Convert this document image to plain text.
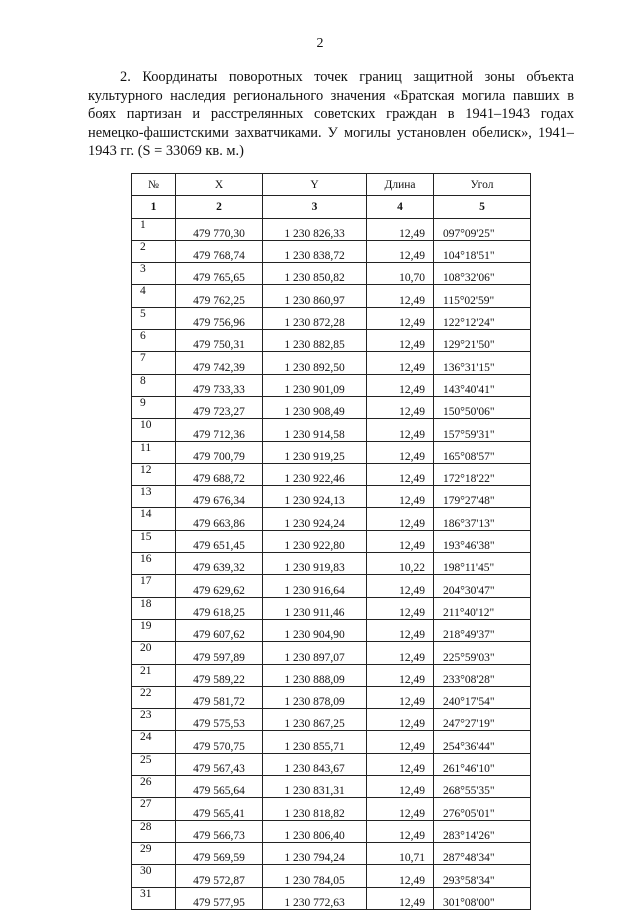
2

2. Координаты поворотных точек границ защитной зоны объекта культурного наследия регионального значения «Братская могила павших в боях партизан и расстрелянных советских граждан в 1941–1943 годах немецко-фашистскими захватчиками. У могилы установлен обелиск», 1941–1943 гг. (S = 33069 кв. м.)

№	X	Y	Длина	Угол
1	2	3	4	5
1	479 770,30	1 230 826,33	12,49	097°09'25"
2	479 768,74	1 230 838,72	12,49	104°18'51"
3	479 765,65	1 230 850,82	10,70	108°32'06"
4	479 762,25	1 230 860,97	12,49	115°02'59"
5	479 756,96	1 230 872,28	12,49	122°12'24"
6	479 750,31	1 230 882,85	12,49	129°21'50"
7	479 742,39	1 230 892,50	12,49	136°31'15"
8	479 733,33	1 230 901,09	12,49	143°40'41"
9	479 723,27	1 230 908,49	12,49	150°50'06"
10	479 712,36	1 230 914,58	12,49	157°59'31"
11	479 700,79	1 230 919,25	12,49	165°08'57"
12	479 688,72	1 230 922,46	12,49	172°18'22"
13	479 676,34	1 230 924,13	12,49	179°27'48"
14	479 663,86	1 230 924,24	12,49	186°37'13"
15	479 651,45	1 230 922,80	12,49	193°46'38"
16	479 639,32	1 230 919,83	10,22	198°11'45"
17	479 629,62	1 230 916,64	12,49	204°30'47"
18	479 618,25	1 230 911,46	12,49	211°40'12"
19	479 607,62	1 230 904,90	12,49	218°49'37"
20	479 597,89	1 230 897,07	12,49	225°59'03"
21	479 589,22	1 230 888,09	12,49	233°08'28"
22	479 581,72	1 230 878,09	12,49	240°17'54"
23	479 575,53	1 230 867,25	12,49	247°27'19"
24	479 570,75	1 230 855,71	12,49	254°36'44"
25	479 567,43	1 230 843,67	12,49	261°46'10"
26	479 565,64	1 230 831,31	12,49	268°55'35"
27	479 565,41	1 230 818,82	12,49	276°05'01"
28	479 566,73	1 230 806,40	12,49	283°14'26"
29	479 569,59	1 230 794,24	10,71	287°48'34"
30	479 572,87	1 230 784,05	12,49	293°58'34"
31	479 577,95	1 230 772,63	12,49	301°08'00"
